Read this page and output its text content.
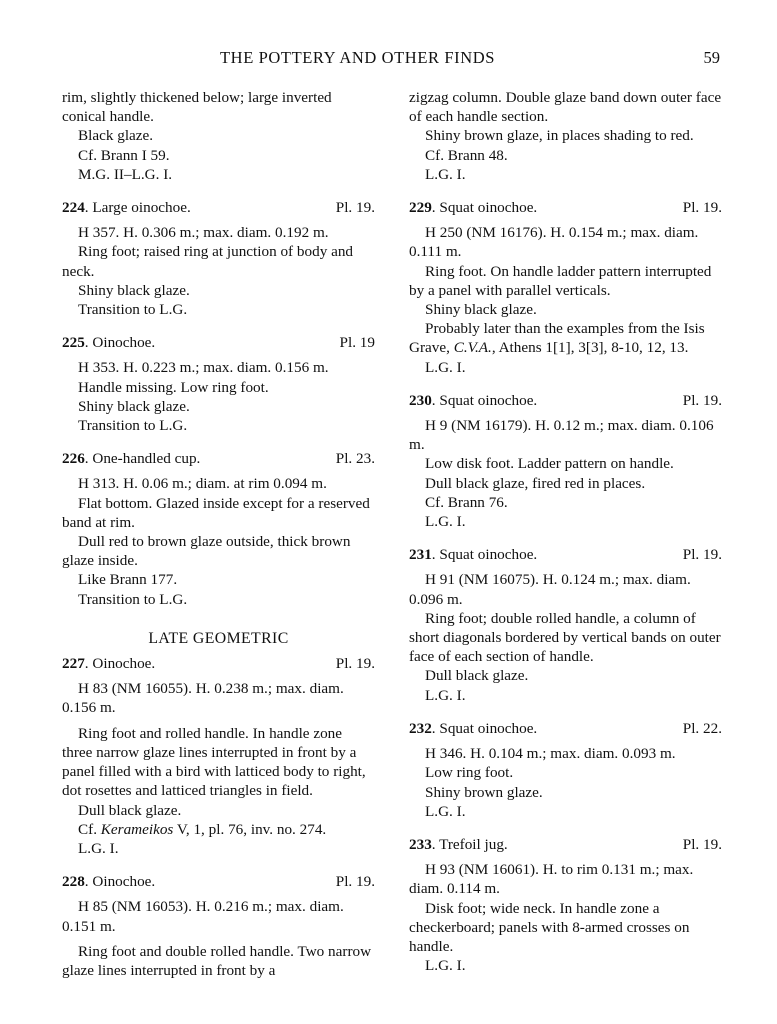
THE POTTERY AND OTHER FINDS	59

rim, slightly thickened below; large inverted conical handle.

Black glaze.

Cf. Brann I 59.

M.G. II–L.G. I.

224. Large oinochoe.	Pl. 19.

H 357. H. 0.306 m.; max. diam. 0.192 m.

Ring foot; raised ring at junction of body and neck.

Shiny black glaze.

Transition to L.G.

225. Oinochoe.	Pl. 19

H 353. H. 0.223 m.; max. diam. 0.156 m.

Handle missing. Low ring foot.

Shiny black glaze.

Transition to L.G.

226. One-handled cup.	Pl. 23.

H 313. H. 0.06 m.; diam. at rim 0.094 m.

Flat bottom. Glazed inside except for a reserved band at rim.

Dull red to brown glaze outside, thick brown glaze inside.

Like Brann 177.

Transition to L.G.

LATE GEOMETRIC
227. Oinochoe.	Pl. 19.

H 83 (NM 16055). H. 0.238 m.; max. diam. 0.156 m.

Ring foot and rolled handle. In handle zone three narrow glaze lines interrupted in front by a panel filled with a bird with latticed body to right, dot rosettes and latticed triangles in field.

Dull black glaze.

Cf. Kerameikos V, 1, pl. 76, inv. no. 274.

L.G. I.

228. Oinochoe.	Pl. 19.

H 85 (NM 16053). H. 0.216 m.; max. diam. 0.151 m.

Ring foot and double rolled handle. Two narrow glaze lines interrupted in front by a

zigzag column. Double glaze band down outer face of each handle section.

Shiny brown glaze, in places shading to red.

Cf. Brann 48.

L.G. I.

229. Squat oinochoe.	Pl. 19.

H 250 (NM 16176). H. 0.154 m.; max. diam. 0.111 m.

Ring foot. On handle ladder pattern interrupted by a panel with parallel verticals.

Shiny black glaze.

Probably later than the examples from the Isis Grave, C.V.A., Athens 1[1], 3[3], 8-10, 12, 13.

L.G. I.

230. Squat oinochoe.	Pl. 19.

H 9 (NM 16179). H. 0.12 m.; max. diam. 0.106 m.

Low disk foot. Ladder pattern on handle.

Dull black glaze, fired red in places.

Cf. Brann 76.

L.G. I.

231. Squat oinochoe.	Pl. 19.

H 91 (NM 16075). H. 0.124 m.; max. diam. 0.096 m.

Ring foot; double rolled handle, a column of short diagonals bordered by vertical bands on outer face of each section of handle.

Dull black glaze.

L.G. I.

232. Squat oinochoe.	Pl. 22.

H 346. H. 0.104 m.; max. diam. 0.093 m.

Low ring foot.

Shiny brown glaze.

L.G. I.

233. Trefoil jug.	Pl. 19.

H 93 (NM 16061). H. to rim 0.131 m.; max. diam. 0.114 m.

Disk foot; wide neck. In handle zone a checkerboard; panels with 8-armed crosses on handle.

L.G. I.
